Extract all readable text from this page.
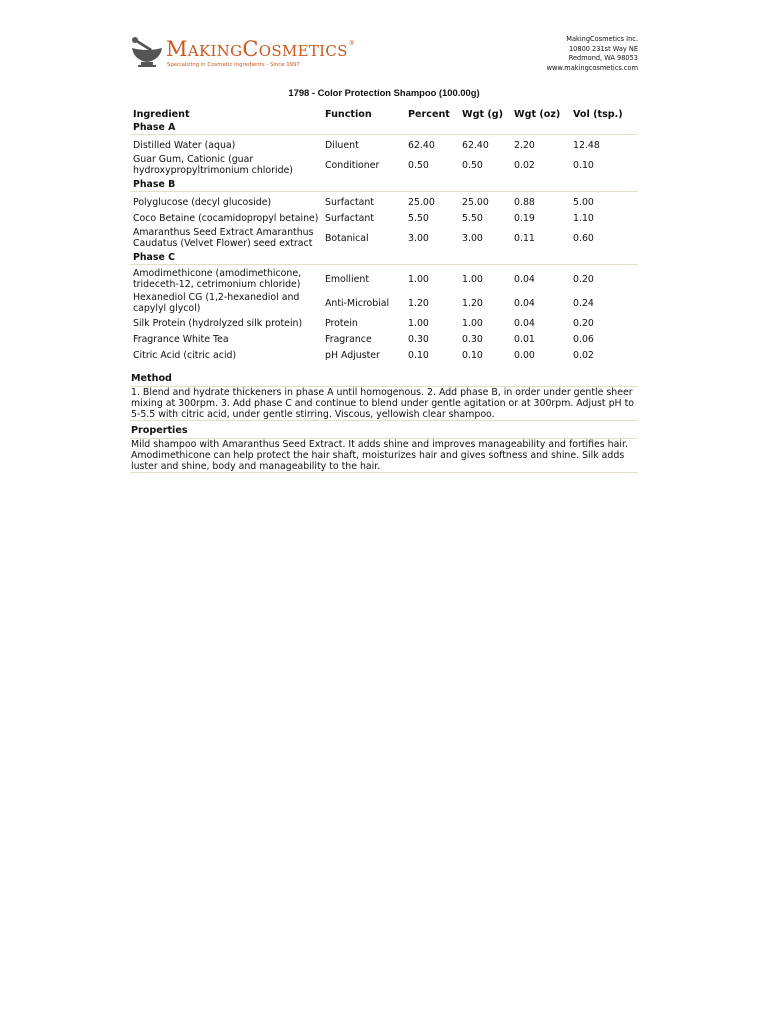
MAKINGCOSMETICS®
Specializing in Cosmetic Ingredients - Since 1997
MakingCosmetics Inc.
10800 231st Way NE
Redmond, WA 98053
www.makingcosmetics.com
1798 - Color Protection Shampoo (100.00g)
Ingredient	Function	Percent	Wgt (g)	Wgt (oz)	Vol (tsp.)
Phase A					
Distilled Water (aqua)	Diluent	62.40	62.40	2.20	12.48
Guar Gum, Cationic (guar hydroxypropyltrimonium chloride)	Conditioner	0.50	0.50	0.02	0.10
Phase B					
Polyglucose (decyl glucoside)	Surfactant	25.00	25.00	0.88	5.00
Coco Betaine (cocamidopropyl betaine)	Surfactant	5.50	5.50	0.19	1.10
Amaranthus Seed Extract Amaranthus Caudatus (Velvet Flower) seed extract	Botanical	3.00	3.00	0.11	0.60
Phase C					
Amodimethicone (amodimethicone, trideceth-12, cetrimonium chloride)	Emollient	1.00	1.00	0.04	0.20
Hexanediol CG (1,2-hexanediol and capylyl glycol)	Anti-Microbial	1.20	1.20	0.04	0.24
Silk Protein (hydrolyzed silk protein)	Protein	1.00	1.00	0.04	0.20
Fragrance White Tea	Fragrance	0.30	0.30	0.01	0.06
Citric Acid (citric acid)	pH Adjuster	0.10	0.10	0.00	0.02
Method
1. Blend and hydrate thickeners in phase A until homogenous. 2. Add phase B, in order under gentle sheer mixing at 300rpm. 3. Add phase C and continue to blend under gentle agitation or at 300rpm. Adjust pH to 5-5.5 with citric acid, under gentle stirring. Viscous, yellowish clear shampoo.
Properties
Mild shampoo with Amaranthus Seed Extract. It adds shine and improves manageability and fortifies hair. Amodimethicone can help protect the hair shaft, moisturizes hair and gives softness and shine. Silk adds luster and shine, body and manageability to the hair.
